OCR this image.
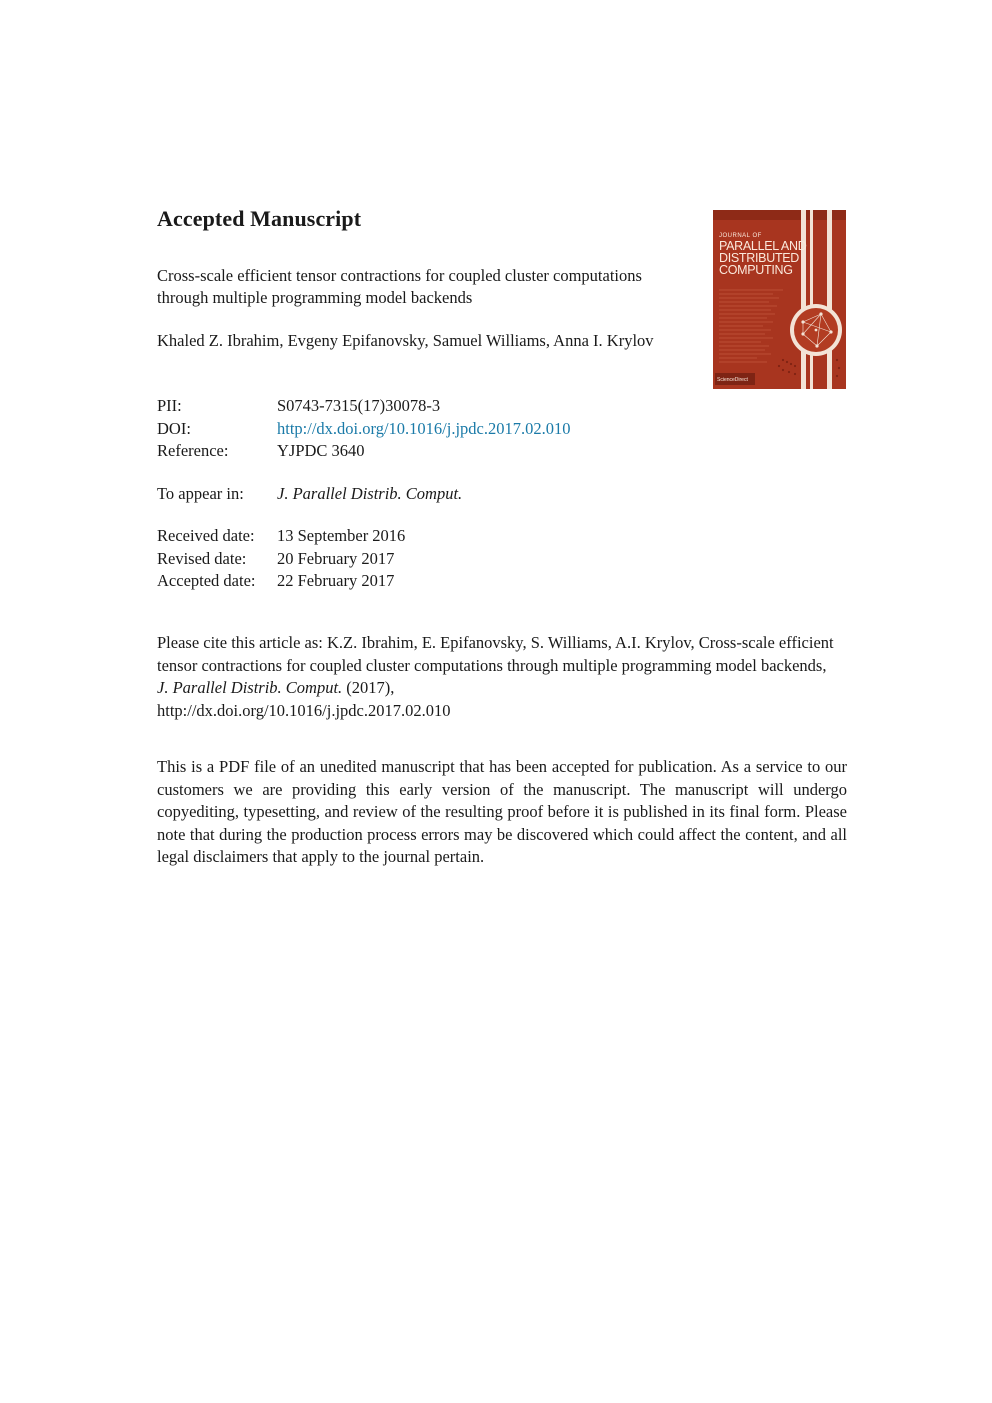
Accepted Manuscript
Cross-scale efficient tensor contractions for coupled cluster computations through multiple programming model backends
Khaled Z. Ibrahim, Evgeny Epifanovsky, Samuel Williams, Anna I. Krylov
PII:	S0743-7315(17)30078-3
DOI:	http://dx.doi.org/10.1016/j.jpdc.2017.02.010
Reference:	YJPDC 3640
To appear in:	J. Parallel Distrib. Comput.
Received date:	13 September 2016
Revised date:	20 February 2017
Accepted date:	22 February 2017
Please cite this article as: K.Z. Ibrahim, E. Epifanovsky, S. Williams, A.I. Krylov, Cross-scale efficient tensor contractions for coupled cluster computations through multiple programming model backends, J. Parallel Distrib. Comput. (2017),
http://dx.doi.org/10.1016/j.jpdc.2017.02.010
This is a PDF file of an unedited manuscript that has been accepted for publication. As a service to our customers we are providing this early version of the manuscript. The manuscript will undergo copyediting, typesetting, and review of the resulting proof before it is published in its final form. Please note that during the production process errors may be discovered which could affect the content, and all legal disclaimers that apply to the journal pertain.
JOURNAL OF
PARALLEL AND
DISTRIBUTED
COMPUTING
ScienceDirect
